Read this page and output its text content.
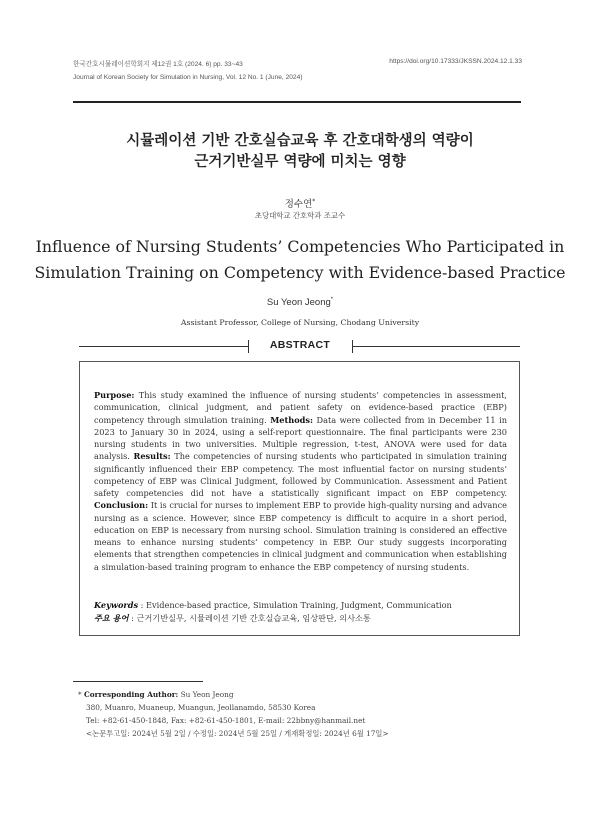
한국간호시뮬레이션학회지 제12권 1호 (2024. 6) pp. 33~43
Journal of Korean Society for Simulation in Nursing, Vol. 12 No. 1 (June, 2024)
https://doi.org/10.17333/JKSSN.2024.12.1.33
시뮬레이션 기반 간호실습교육 후 간호대학생의 역량이
근거기반실무 역량에 미치는 영향
정수연*
초당대학교 간호학과 조교수
Influence of Nursing Students’ Competencies Who Participated in
Simulation Training on Competency with Evidence-based Practice
Su Yeon Jeong*
Assistant Professor, College of Nursing, Chodang University
ABSTRACT
Purpose: This study examined the influence of nursing students’ competencies in assessment, communication, clinical judgment, and patient safety on evidence-based practice (EBP) competency through simulation training. Methods: Data were collected from in December 11 in 2023 to January 30 in 2024, using a self-report questionnaire. The final participants were 230 nursing students in two universities. Multiple regression, t-test, ANOVA were used for data analysis. Results: The competencies of nursing students who participated in simulation training significantly influenced their EBP competency. The most influential factor on nursing students’ competency of EBP was Clinical Judgment, followed by Communication. Assessment and Patient safety competencies did not have a statistically significant impact on EBP competency. Conclusion: It is crucial for nurses to implement EBP to provide high-quality nursing and advance nursing as a science. However, since EBP competency is difficult to acquire in a short period, education on EBP is necessary from nursing school. Simulation training is considered an effective means to enhance nursing students’ competency in EBP. Our study suggests incorporating elements that strengthen competencies in clinical judgment and communication when establishing a simulation-based training program to enhance the EBP competency of nursing students.
Keywords : Evidence-based practice, Simulation Training, Judgment, Communication
주요 용어 : 근거기반실무, 시뮬레이션 기반 간호실습교육, 임상판단, 의사소통
* Corresponding Author: Su Yeon Jeong
380, Muanro, Muaneup, Muangun, Jeollanamdo, 58530 Korea
Tel: +82-61-450-1848, Fax: +82-61-450-1801, E-mail: 22bbny@hanmail.net
<논문투고일: 2024년 5월 2일 / 수정일: 2024년 5월 25일 / 게재확정일: 2024년 6월 17일>
